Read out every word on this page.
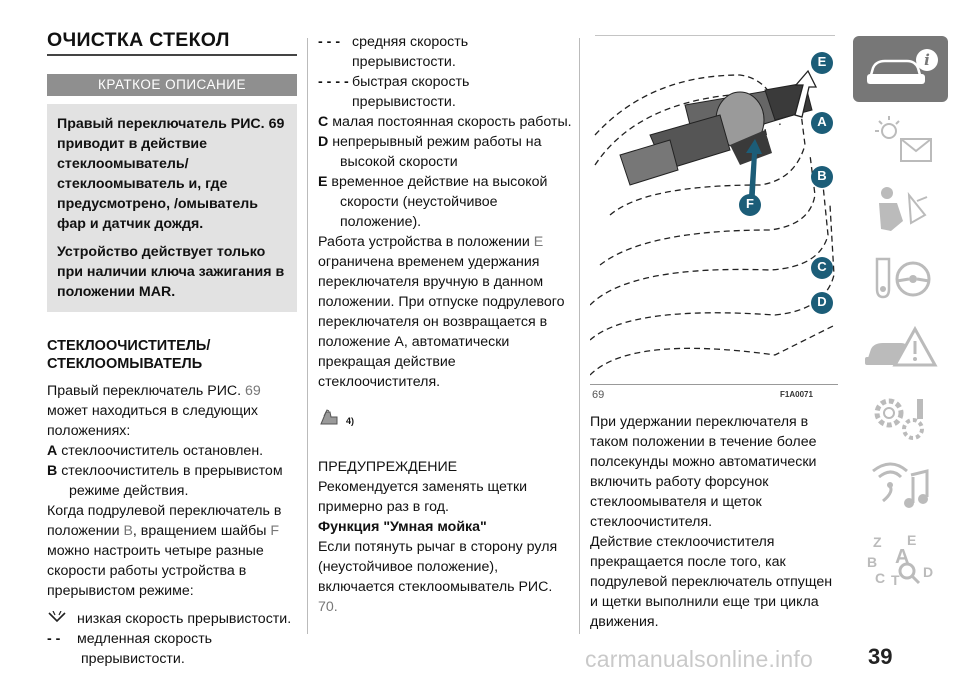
ОЧИСТКА СТЕКОЛ
КРАТКОЕ ОПИСАНИЕ

Правый переключатель РИС. 69 приводит в действие стеклоомыватель/ стеклоомыватель и, где предусмотрено, /омыватель фар и датчик дождя.

Устройство действует только при наличии ключа зажигания в положении MAR.

СТЕКЛООЧИСТИТЕЛЬ/ СТЕКЛООМЫВАТЕЛЬ

Правый переключатель РИС. 69 может находиться в следующих положениях:

A стеклоочиститель остановлен.

B стеклоочиститель в прерывистом режиме действия.

Когда подрулевой переключатель в положении B, вращением шайбы F можно настроить четыре разные скорости работы устройства в прерывистом режиме:

низкая скорость прерывистости.

- - медленная скорость прерывистости.

- - - средняя скорость прерывистости.

- - - - быстрая скорость прерывистости.

C малая постоянная скорость работы.

D непрерывный режим работы на высокой скорости

E временное действие на высокой скорости (неустойчивое положение).

Работа устройства в положении E ограничена временем удержания переключателя вручную в данном положении. При отпуске подрулевого переключателя он возвращается в положение A, автоматически прекращая действие стеклоочистителя.

4)

ПРЕДУПРЕЖДЕНИЕ

Рекомендуется заменять щетки примерно раз в год.

Функция "Умная мойка"

Если потянуть рычаг в сторону руля (неустойчивое положение), включается стеклоомыватель РИС. 70.

E
A
B
C
D
F
69	F1A0071

При удержании переключателя в таком положении в течение более полсекунды можно автоматически включить работу форсунок стеклоомывателя и щеток стеклоочистителя.

Действие стеклоочистителя прекращается после того, как подрулевой переключатель отпущен и щетки выполнили еще три цикла движения.

i
Z E
B A
C T D
39
carmanualsonline.info
